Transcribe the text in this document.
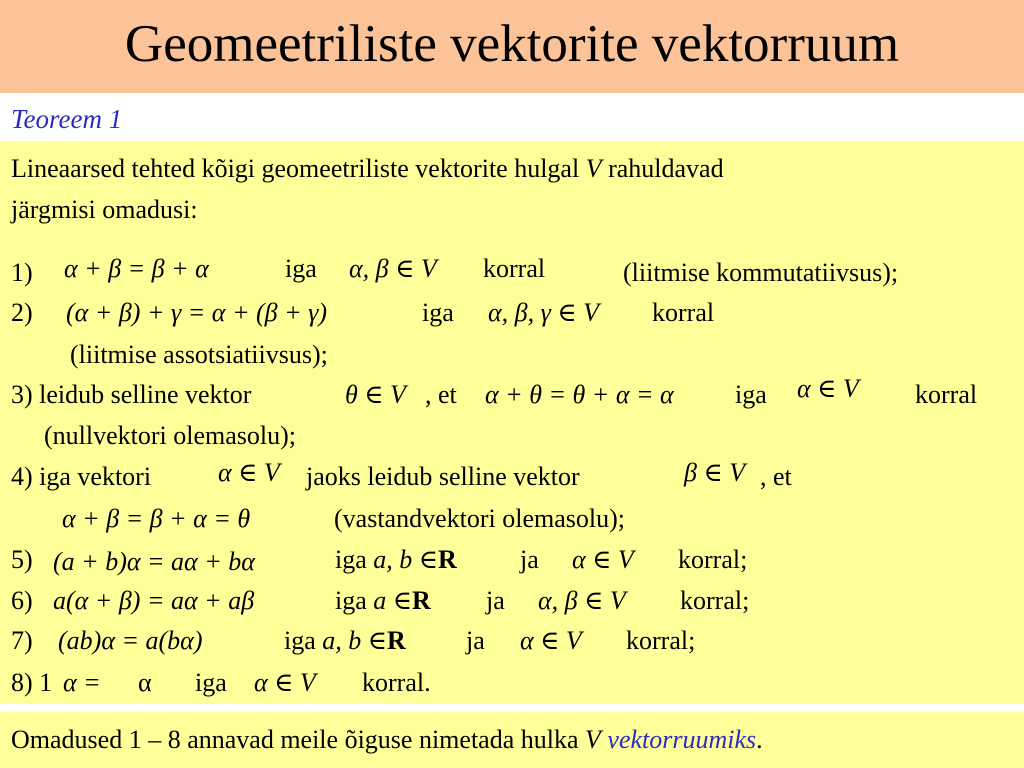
Geomeetriliste vektorite vektorruum
Teoreem 1
Lineaarsed tehted kõigi geomeetriliste vektorite hulgal V rahuldavad
järgmisi omadusi:
1) α + β = β + α	iga α, β ∈ V korral	(liitmise kommutatiivsus);
2) (α + β) + γ = α + (β + γ)	iga α, β, γ ∈ V korral
(liitmise assotsiatiivsus);
3) leidub selline vektor	θ ∈ V , et α + θ = θ + α = α iga α ∈ V korral
(nullvektori olemasolu);
4) iga vektori	α ∈ V jaoks leidub selline vektor	β ∈ V , et
α + β = β + α = θ	(vastandvektori olemasolu);
5) (a + b)α = aα + bα	iga a, b ∈R ja α ∈ V korral;
6) a(α + β) = aα + aβ	iga a ∈R ja α, β ∈ V korral;
7) (ab)α = a(bα)	iga a, b ∈R ja α ∈ V korral;
8) 1 α = α iga α ∈ V korral.
Omadused 1 – 8 annavad meile õiguse nimetada hulka V vektorruumiks.
